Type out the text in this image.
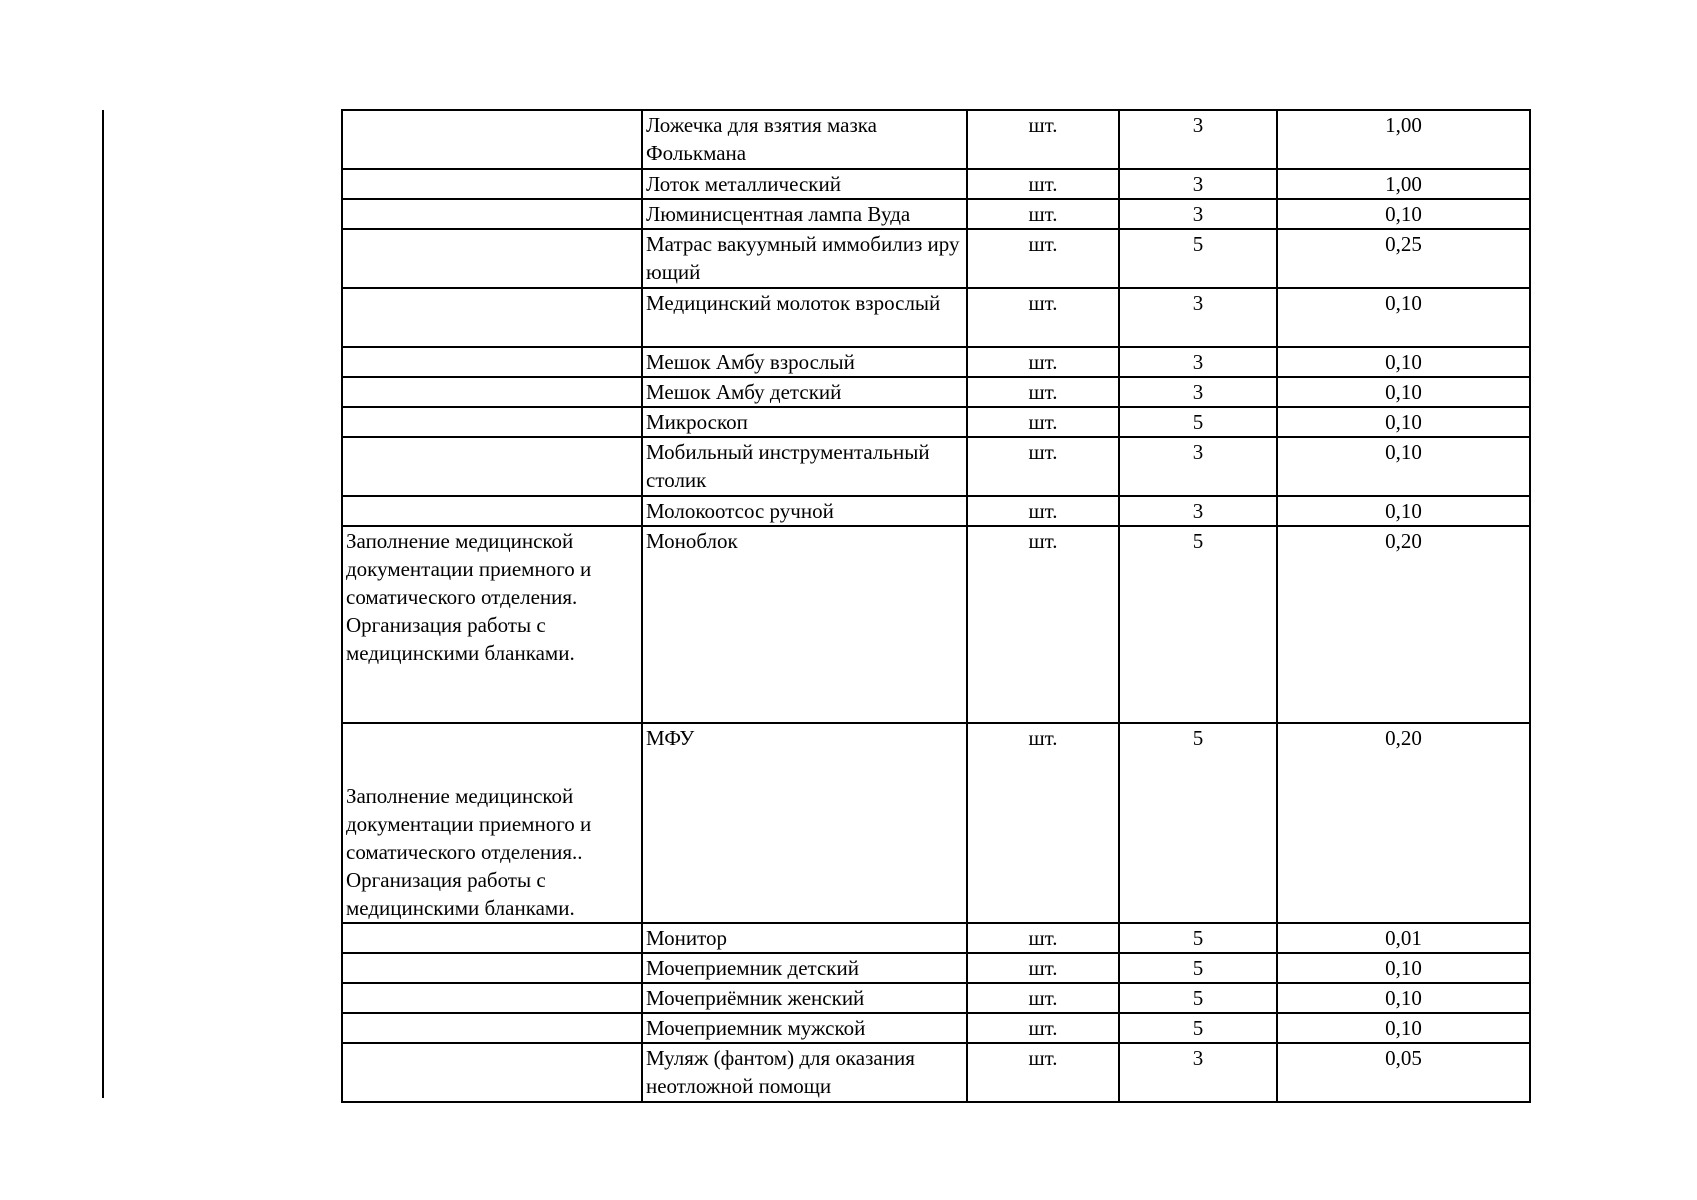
	Ложечка для взятия мазка Фолькмана	шт.	3	1,00
	Лоток металлический	шт.	3	1,00
	Люминисцентная лампа Вуда	шт.	3	0,10
	Матрас вакуумный иммобилиз иру ющий	шт.	5	0,25
	Медицинский молоток взрослый	шт.	3	0,10
	Мешок Амбу взрослый	шт.	3	0,10
	Мешок Амбу детский	шт.	3	0,10
	Микроскоп	шт.	5	0,10
	Мобильный инструментальный столик	шт.	3	0,10
	Молокоотсос ручной	шт.	3	0,10
Заполнение медицинской документации приемного и соматического отделения. Организация работы с медицинскими бланками.	Моноблок	шт.	5	0,20
Заполнение медицинской документации приемного и соматического отделения.. Организация работы с медицинскими бланками.	МФУ	шт.	5	0,20
	Монитор	шт.	5	0,01
	Мочеприемник детский	шт.	5	0,10
	Мочеприёмник женский	шт.	5	0,10
	Мочеприемник мужской	шт.	5	0,10
	Муляж (фантом) для оказания неотложной помощи	шт.	3	0,05
